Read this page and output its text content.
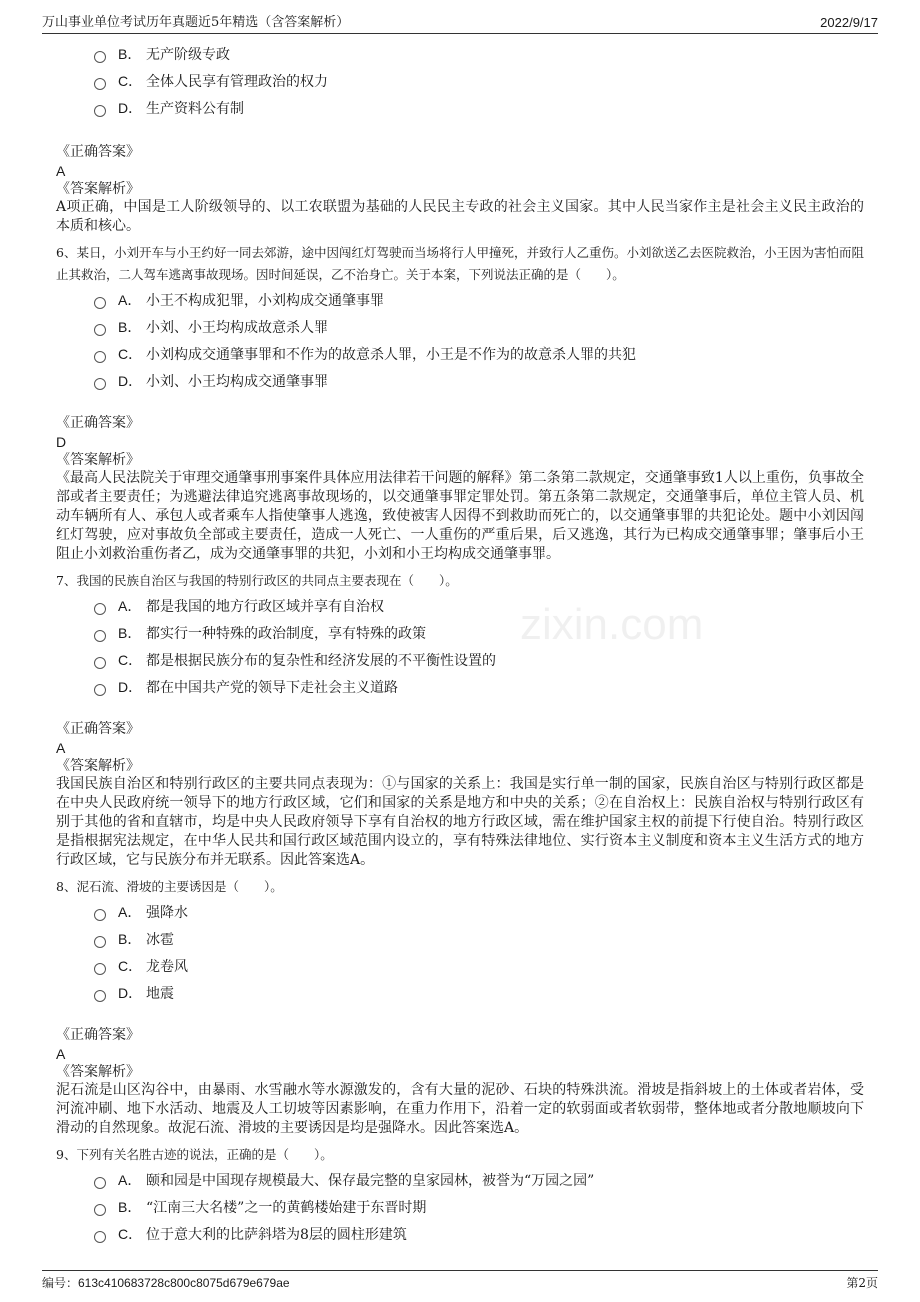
万山事业单位考试历年真题近5年精选（含答案解析）	2022/9/17
zixin.com
B． 无产阶级专政
C． 全体人民享有管理政治的权力
D． 生产资料公有制
《正确答案》
A
《答案解析》
A项正确，中国是工人阶级领导的、以工农联盟为基础的人民民主专政的社会主义国家。其中人民当家作主是社会主义民主政治的本质和核心。
6、某日，小刘开车与小王约好一同去郊游，途中因闯红灯驾驶而当场将行人甲撞死，并致行人乙重伤。小刘欲送乙去医院救治，小王因为害怕而阻止其救治，二人驾车逃离事故现场。因时间延误，乙不治身亡。关于本案，下列说法正确的是（　　）。
A． 小王不构成犯罪，小刘构成交通肇事罪
B． 小刘、小王均构成故意杀人罪
C． 小刘构成交通肇事罪和不作为的故意杀人罪，小王是不作为的故意杀人罪的共犯
D． 小刘、小王均构成交通肇事罪
《正确答案》
D
《答案解析》
《最高人民法院关于审理交通肇事刑事案件具体应用法律若干问题的解释》第二条第二款规定，交通肇事致1人以上重伤，负事故全部或者主要责任；为逃避法律追究逃离事故现场的，以交通肇事罪定罪处罚。第五条第二款规定，交通肇事后，单位主管人员、机动车辆所有人、承包人或者乘车人指使肇事人逃逸，致使被害人因得不到救助而死亡的，以交通肇事罪的共犯论处。题中小刘因闯红灯驾驶，应对事故负全部或主要责任，造成一人死亡、一人重伤的严重后果，后又逃逸，其行为已构成交通肇事罪；肇事后小王阻止小刘救治重伤者乙，成为交通肇事罪的共犯，小刘和小王均构成交通肇事罪。
7、我国的民族自治区与我国的特别行政区的共同点主要表现在（　　）。
A． 都是我国的地方行政区域并享有自治权
B． 都实行一种特殊的政治制度，享有特殊的政策
C． 都是根据民族分布的复杂性和经济发展的不平衡性设置的
D． 都在中国共产党的领导下走社会主义道路
《正确答案》
A
《答案解析》
我国民族自治区和特别行政区的主要共同点表现为：①与国家的关系上：我国是实行单一制的国家，民族自治区与特别行政区都是在中央人民政府统一领导下的地方行政区域，它们和国家的关系是地方和中央的关系；②在自治权上：民族自治权与特别行政区有别于其他的省和直辖市，均是中央人民政府领导下享有自治权的地方行政区域，需在维护国家主权的前提下行使自治。特别行政区是指根据宪法规定，在中华人民共和国行政区域范围内设立的，享有特殊法律地位、实行资本主义制度和资本主义生活方式的地方行政区域，它与民族分布并无联系。因此答案选A。
8、泥石流、滑坡的主要诱因是（　　）。
A． 强降水
B． 冰雹
C． 龙卷风
D． 地震
《正确答案》
A
《答案解析》
泥石流是山区沟谷中，由暴雨、水雪融水等水源激发的，含有大量的泥砂、石块的特殊洪流。滑坡是指斜坡上的土体或者岩体，受河流冲刷、地下水活动、地震及人工切坡等因素影响，在重力作用下，沿着一定的软弱面或者软弱带，整体地或者分散地顺坡向下滑动的自然现象。故泥石流、滑坡的主要诱因是均是强降水。因此答案选A。
9、下列有关名胜古迹的说法，正确的是（　　）。
A． 颐和园是中国现存规模最大、保存最完整的皇家园林，被誉为“万园之园”
B． “江南三大名楼”之一的黄鹤楼始建于东晋时期
C． 位于意大利的比萨斜塔为8层的圆柱形建筑
编号：613c410683728c800c8075d679e679ae	第2页
